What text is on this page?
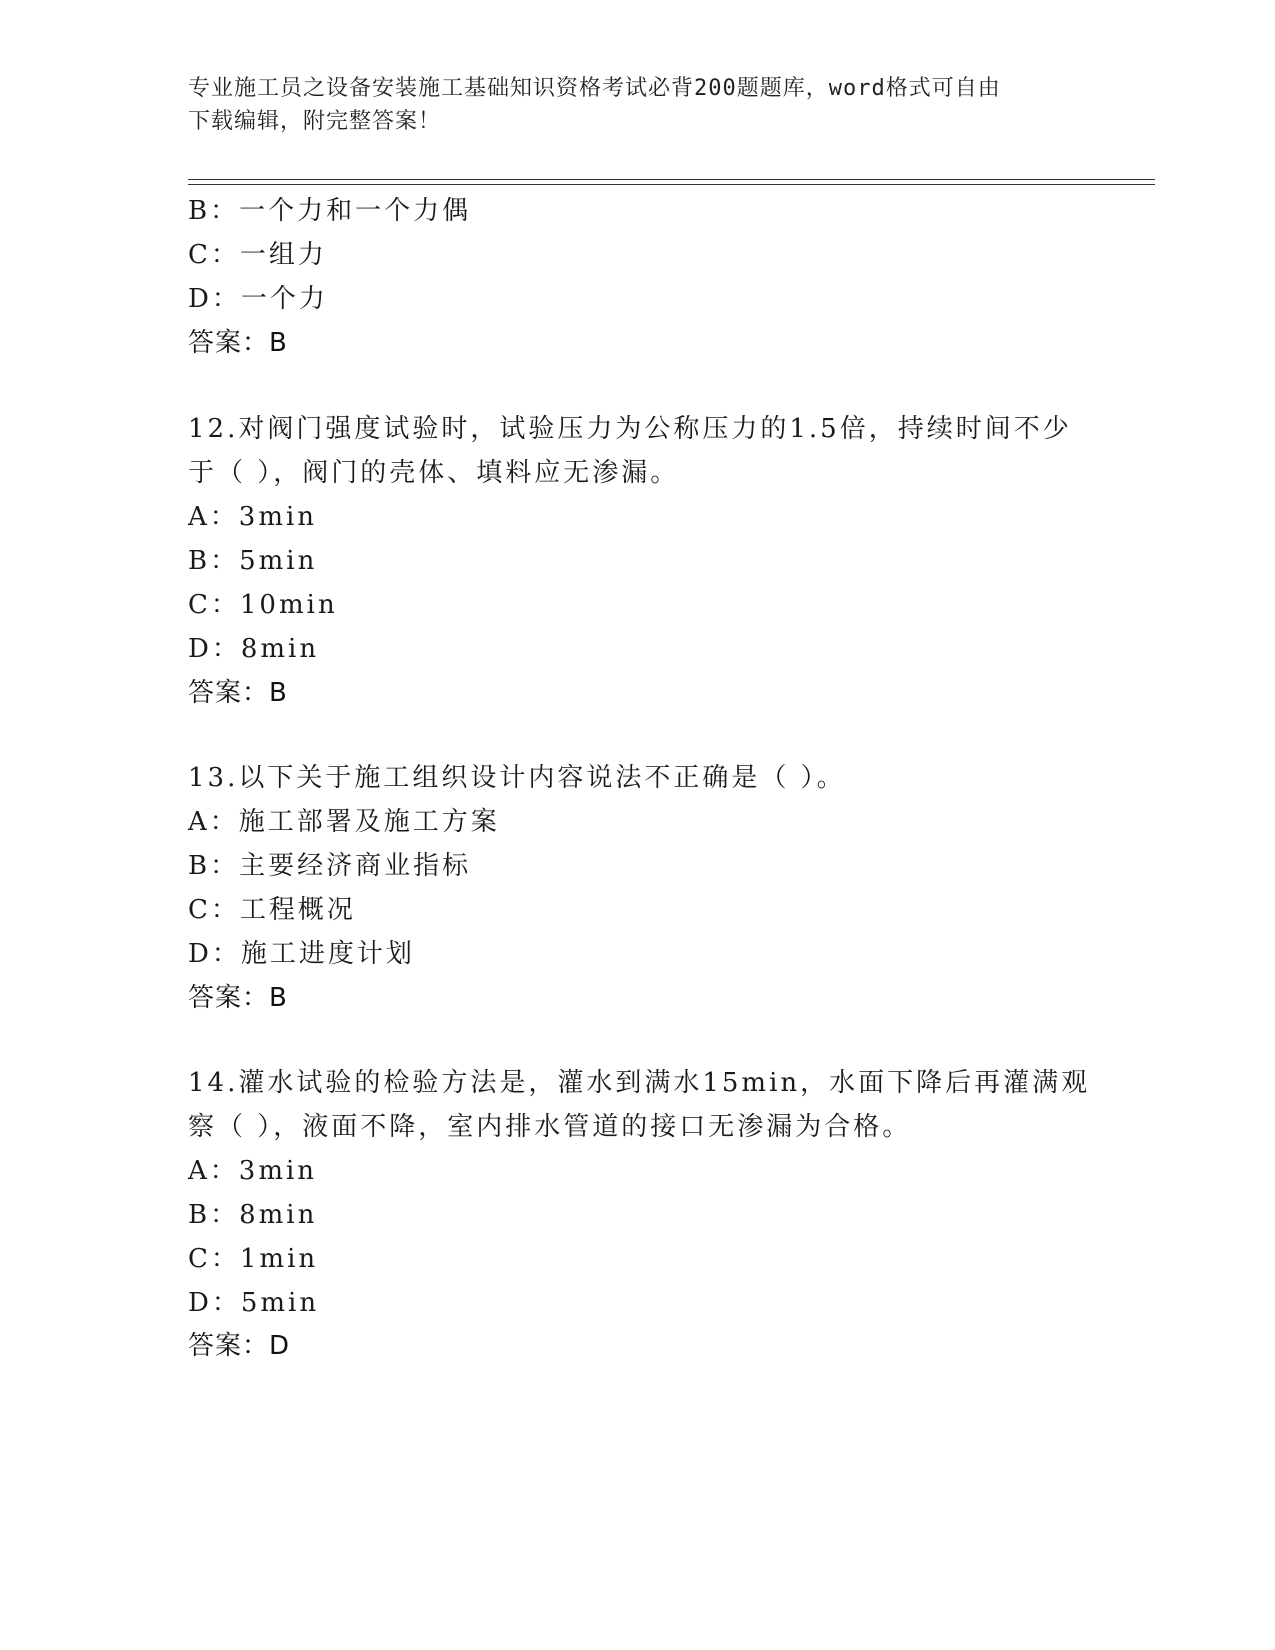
专业施工员之设备安装施工基础知识资格考试必背200题题库，word格式可自由
下载编辑，附完整答案！
B：一个力和一个力偶
C：一组力
D：一个力
答案：B
12.对阀门强度试验时，试验压力为公称压力的1.5倍，持续时间不少
于（ ），阀门的壳体、填料应无渗漏。
A：3min
B：5min
C：10min
D：8min
答案：B
13.以下关于施工组织设计内容说法不正确是（ ）。
A：施工部署及施工方案
B：主要经济商业指标
C：工程概况
D：施工进度计划
答案：B
14.灌水试验的检验方法是，灌水到满水15min，水面下降后再灌满观
察（ ），液面不降，室内排水管道的接口无渗漏为合格。
A：3min
B：8min
C：1min
D：5min
答案：D
